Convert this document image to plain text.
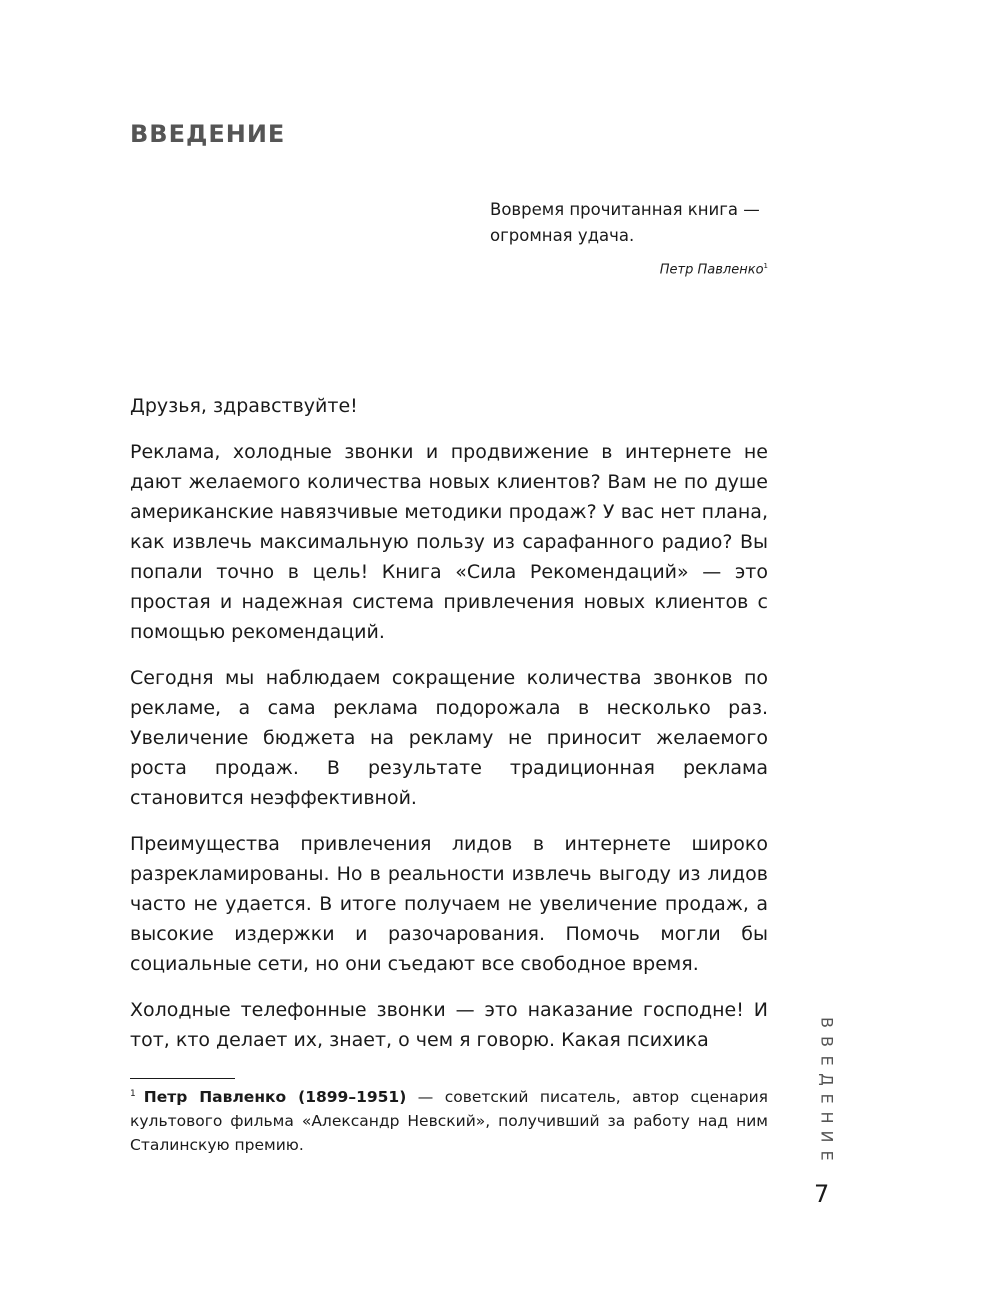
ВВЕДЕНИЕ

Вовремя прочитанная книга —
огромная удача.

Петр Павленко$^1$

Друзья, здравствуйте!

Реклама, холодные звонки и продвижение в интернете не дают желаемого количества новых клиентов? Вам не по душе американские навязчивые методики продаж? У вас нет плана, как извлечь максимальную пользу из сарафанного радио? Вы попали точно в цель! Книга «Сила Рекомендаций» — это простая и надежная система привлечения новых клиентов с помощью рекомендаций.

Сегодня мы наблюдаем сокращение количества звонков по рекламе, а сама реклама подорожала в несколько раз. Увеличение бюджета на рекламу не приносит желаемого роста продаж. В результате традиционная реклама становится неэффективной.

Преимущества привлечения лидов в интернете широко разрекламированы. Но в реальности извлечь выгоду из лидов часто не удается. В итоге получаем не увеличение продаж, а высокие издержки и разочарования. Помочь могли бы социальные сети, но они съедают все свободное время.

Холодные телефонные звонки — это наказание господне! И тот, кто делает их, знает, о чем я говорю. Какая психика

$^1$ Петр Павленко (1899–1951) — советский писатель, автор сценария культового фильма «Александр Невский», получивший за работу над ним Сталинскую премию.

В
В
Е
Д
Е
Н
И
Е
7
